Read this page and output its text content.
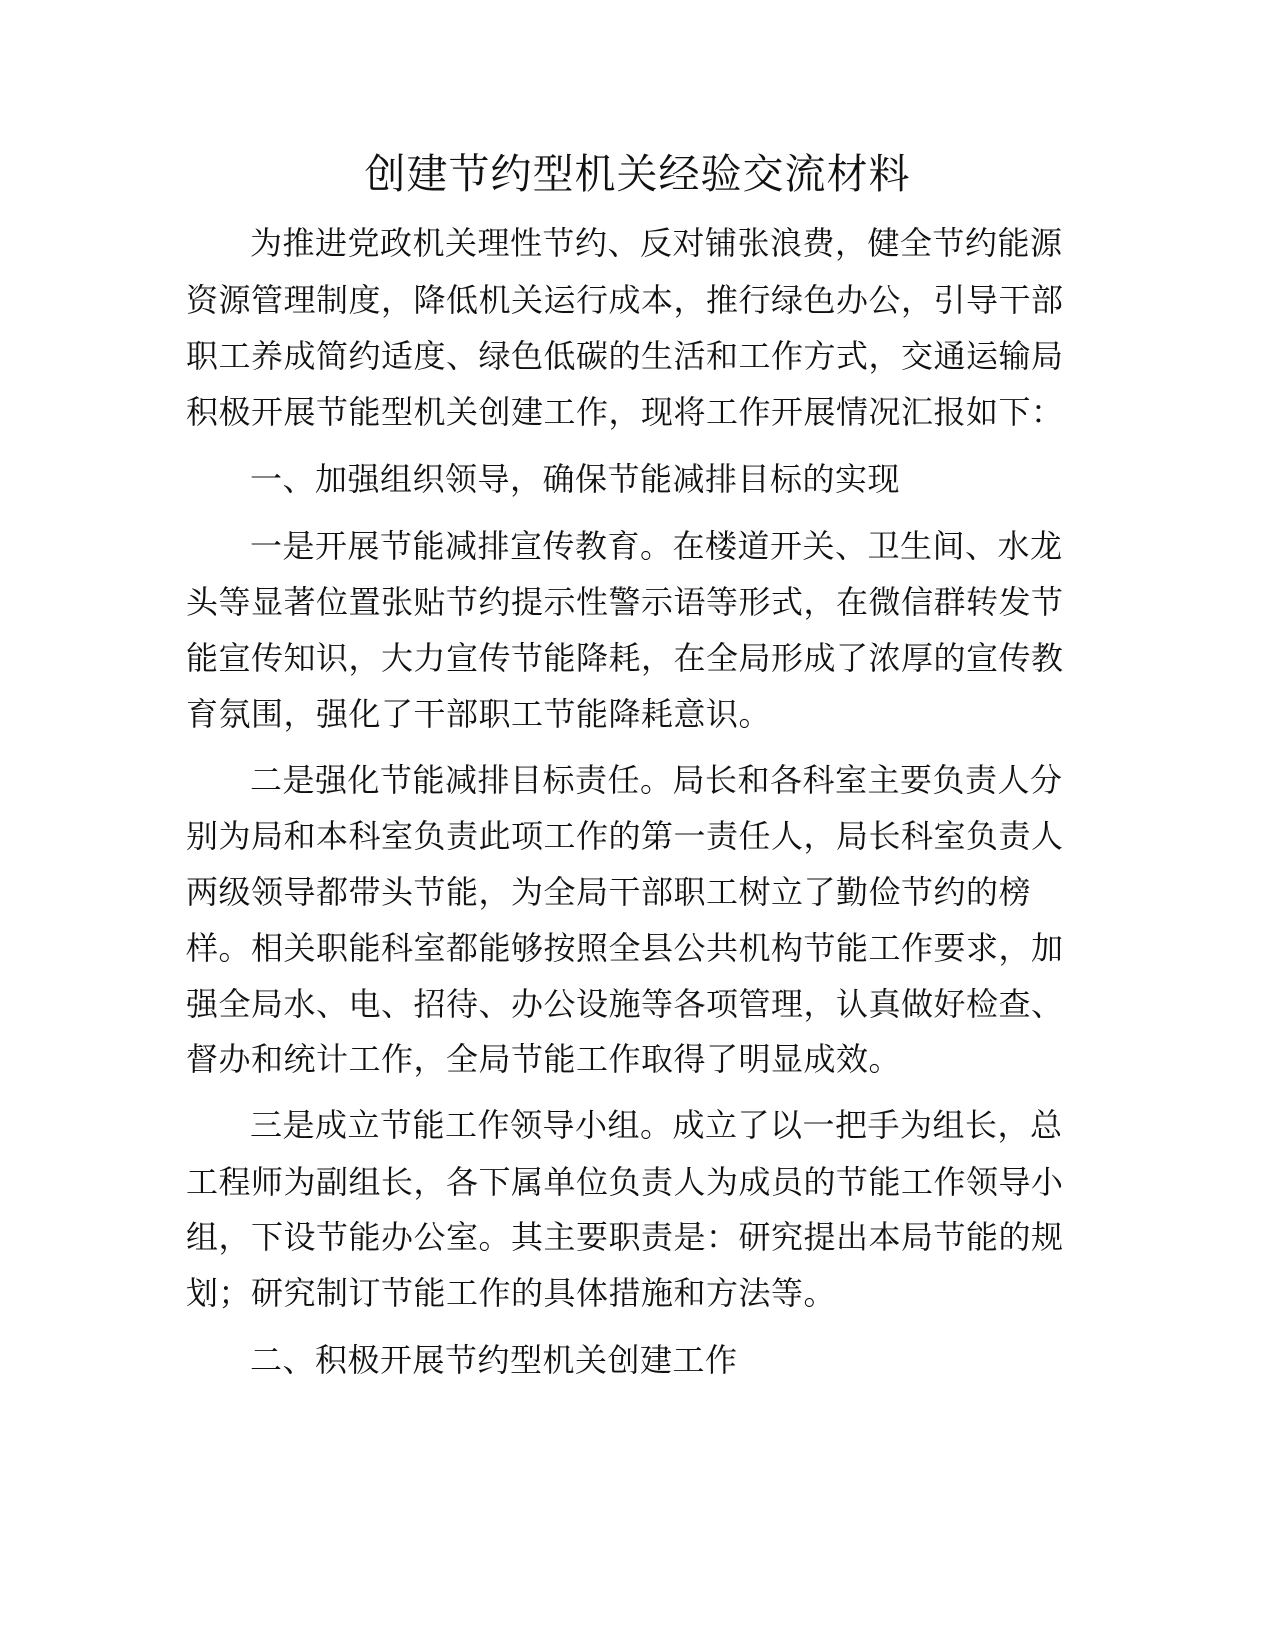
创建节约型机关经验交流材料
为推进党政机关理性节约、反对铺张浪费，健全节约能源
资源管理制度，降低机关运行成本，推行绿色办公，引导干部
职工养成简约适度、绿色低碳的生活和工作方式，交通运输局
积极开展节能型机关创建工作，现将工作开展情况汇报如下：
一、加强组织领导，确保节能减排目标的实现
一是开展节能减排宣传教育。在楼道开关、卫生间、水龙
头等显著位置张贴节约提示性警示语等形式，在微信群转发节
能宣传知识，大力宣传节能降耗，在全局形成了浓厚的宣传教
育氛围，强化了干部职工节能降耗意识。
二是强化节能减排目标责任。局长和各科室主要负责人分
别为局和本科室负责此项工作的第一责任人，局长科室负责人
两级领导都带头节能，为全局干部职工树立了勤俭节约的榜
样。相关职能科室都能够按照全县公共机构节能工作要求，加
强全局水、电、招待、办公设施等各项管理，认真做好检查、
督办和统计工作，全局节能工作取得了明显成效。
三是成立节能工作领导小组。成立了以一把手为组长，总
工程师为副组长，各下属单位负责人为成员的节能工作领导小
组，下设节能办公室。其主要职责是：研究提出本局节能的规
划；研究制订节能工作的具体措施和方法等。
二、积极开展节约型机关创建工作
